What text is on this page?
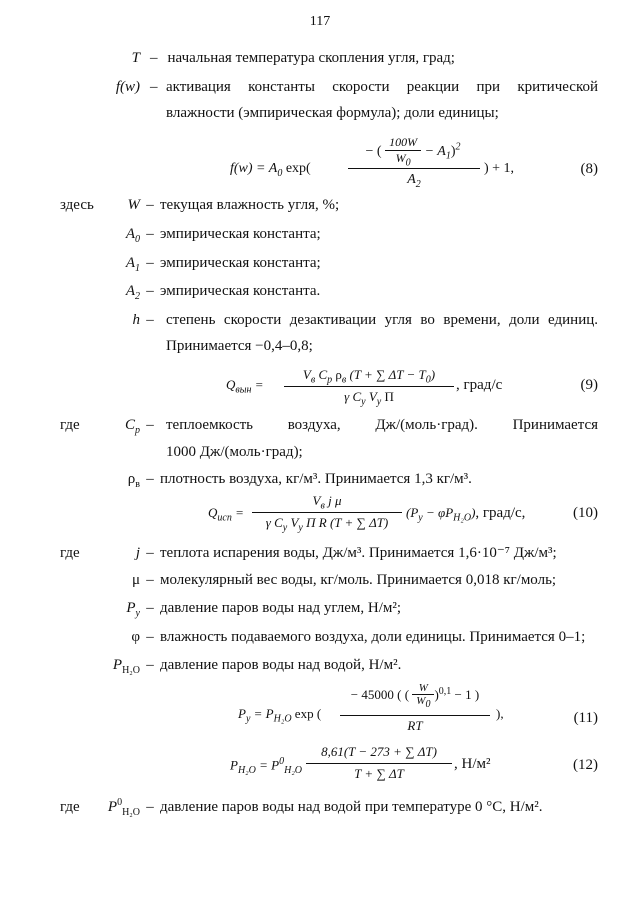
117
T – начальная температура скопления угля, град;
f(w) – активация константы скорости реакции при критической
влажности (эмпирическая формула); доли единицы;
$f(w) = A_0$ exp(
− ( $\frac{100W}{W_0} - A_1)^2$
$A_2$
) + 1,	(8)
здесь W – текущая влажность угля, %;
$A_0$ – эмпирическая константа;
$A_1$ – эмпирическая константа;
$A_2$ – эмпирическая константа.
h – степень скорости дезактивации угля во времени, доли единиц.
Принимается −0,4–0,8;
$Q_{вын}$ =
$V_в$ $C_р$ $\rho_в$ (T + ∑ $\Delta T - T_0$)
γ $C_у$ $V_у$ Π
, град/с	(9)
где	$C_р$ – теплоемкость воздуха, Дж/(моль·град). Принимается
1000 Дж/(моль·град);
$\rho_в$ – плотность воздуха, кг/м³. Принимается 1,3 кг/м³.
$Q_{исп}$ =
$V_в$ j μ
γ $C_у$ $V_у$ Π R (T + ∑ ΔT)
$(P_у - \varphi P_{H_2O})$, град/с,	(10)
где	j – теплота испарения воды, Дж/м³. Принимается 1,6·10⁻⁷ Дж/м³;
μ – молекулярный вес воды, кг/моль. Принимается 0,018 кг/моль;
$P_у$ – давление паров воды над углем, Н/м²;
φ – влажность подаваемого воздуха, доли единицы. Принимается 0–1;
$P_{H_2O}$ – давление паров воды над водой, Н/м².
$P_у = P_{H_2O}$ exp (
− 45000 ( ( $\frac{W}{W_0} )^{0,1} - 1$ )
RT
),	(11)
$P_{H_2O} = P^0_{H_2O}$
8,61(T − 273 + ∑ ΔT)
T + ∑ ΔT
, Н/м²	(12)
где $P^0_{H_2O}$ – давление паров воды над водой при температуре 0 °С, Н/м².
